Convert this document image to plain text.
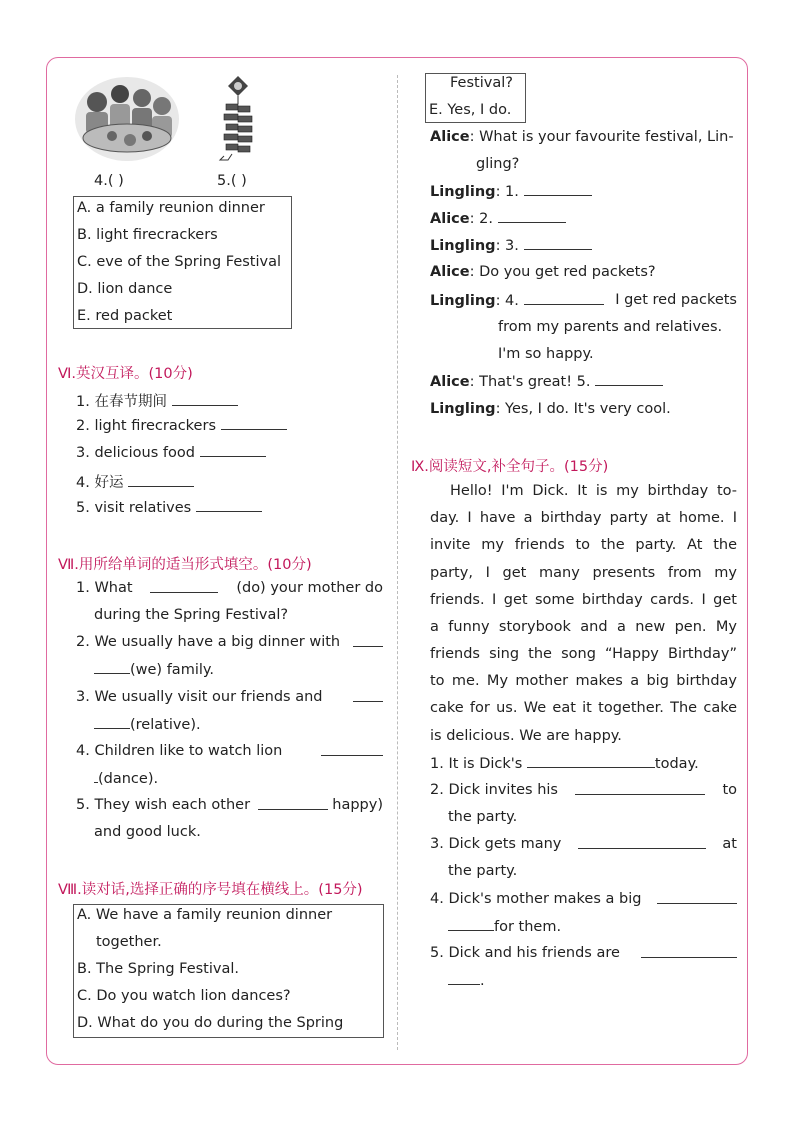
4.( )	5.( )
A. a family reunion dinner
B. light firecrackers
C. eve of the Spring Festival
D. lion dance
E. red packet
Ⅵ.英汉互译。(10分)
1. 在春节期间
2. light firecrackers
3. delicious food
4. 好运
5. visit relatives
Ⅶ.用所给单词的适当形式填空。(10分)
1. What	(do) your mother do
during the Spring Festival?
2. We usually have a big dinner with
(we) family.
3. We usually visit our friends and
(relative).
4. Children like to watch lion
(dance).
5. They wish each other	happy)
and good luck.
Ⅷ.读对话,选择正确的序号填在横线上。(15分)
A. We have a family reunion dinner
together.
B. The Spring Festival.
C. Do you watch lion dances?
D. What do you do during the Spring
Festival?
E. Yes, I do.
Alice: What is your favourite festival, Lin-
gling?
Lingling: 1.
Alice: 2.
Lingling: 3.
Alice: Do you get red packets?
Lingling: 4.	I get red packets
from my parents and relatives.
I'm so happy.
Alice: That's great! 5.
Lingling: Yes, I do. It's very cool.
Ⅸ.阅读短文,补全句子。(15分)
Hello! I'm Dick. It is my birthday to-
day. I have a birthday party at home. I
invite my friends to the party. At the
party, I get many presents from my
friends. I get some birthday cards. I get
a funny storybook and a new pen. My
friends sing the song “Happy Birthday”
to me. My mother makes a big birthday
cake for us. We eat it together. The cake
is delicious. We are happy.
1. It is Dick's	today.
2. Dick invites his	to
the party.
3. Dick gets many	at
the party.
4. Dick's mother makes a big
for them.
5. Dick and his friends are
.
